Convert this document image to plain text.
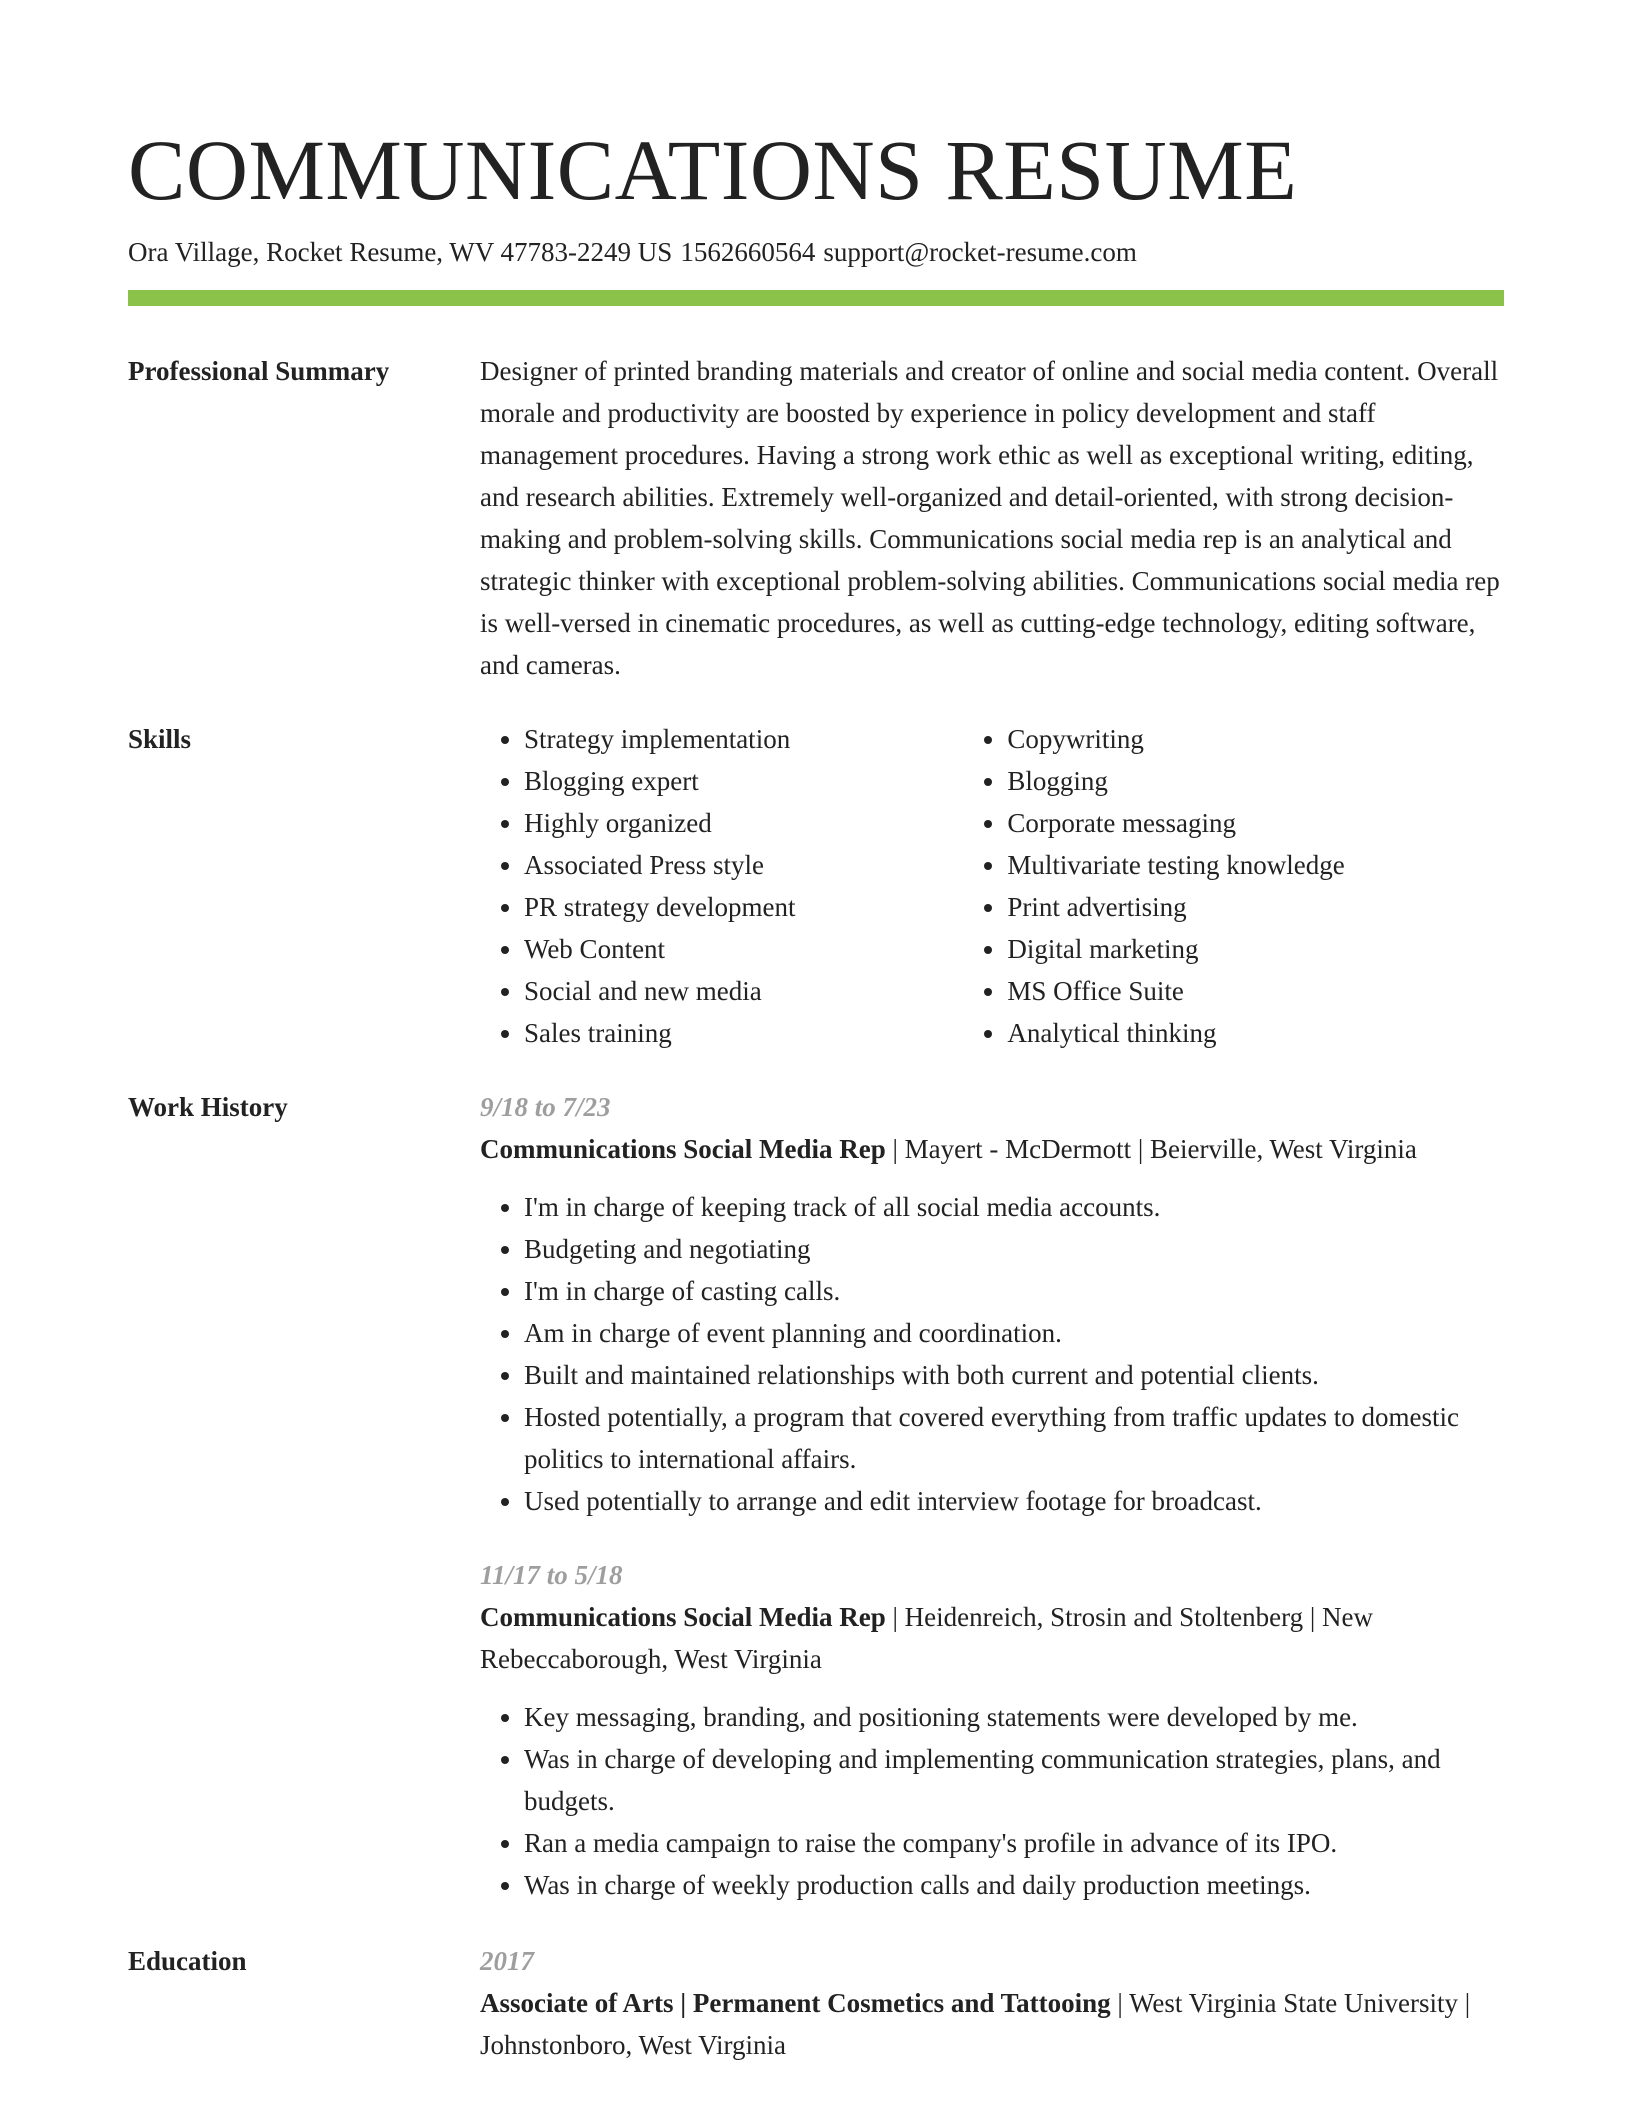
COMMUNICATIONS RESUME
Ora Village, Rocket Resume, WV 47783-2249 US 1562660564 support@rocket-resume.com
Professional Summary	Designer of printed branding materials and creator of online and social media content. Overall morale and productivity are boosted by experience in policy development and staff management procedures. Having a strong work ethic as well as exceptional writing, editing, and research abilities. Extremely well-organized and detail-oriented, with strong decision-making and problem-solving skills. Communications social media rep is an analytical and strategic thinker with exceptional problem-solving abilities. Communications social media rep is well-versed in cinematic procedures, as well as cutting-edge technology, editing software, and cameras.

Skills
•	Strategy implementation
• Blogging expert
• Highly organized
• Associated Press style
• PR strategy development
• Web Content
• Social and new media
• Sales training
• Copywriting
• Blogging
• Corporate messaging
• Multivariate testing knowledge
• Print advertising
• Digital marketing
• MS Office Suite
• Analytical thinking
Work History	9/18 to 7/23
Communications Social Media Rep | Mayert - McDermott | Beierville, West Virginia
• I'm in charge of keeping track of all social media accounts.
• Budgeting and negotiating
• I'm in charge of casting calls.
• Am in charge of event planning and coordination.
• Built and maintained relationships with both current and potential clients.
• Hosted potentially, a program that covered everything from traffic updates to domestic politics to international affairs.
• Used potentially to arrange and edit interview footage for broadcast.
11/17 to 5/18
Communications Social Media Rep | Heidenreich, Strosin and Stoltenberg | New Rebeccaborough, West Virginia
• Key messaging, branding, and positioning statements were developed by me.
• Was in charge of developing and implementing communication strategies, plans, and budgets.
• Ran a media campaign to raise the company's profile in advance of its IPO.
• Was in charge of weekly production calls and daily production meetings.
Education	2017
Associate of Arts | Permanent Cosmetics and Tattooing | West Virginia State University | Johnstonboro, West Virginia
